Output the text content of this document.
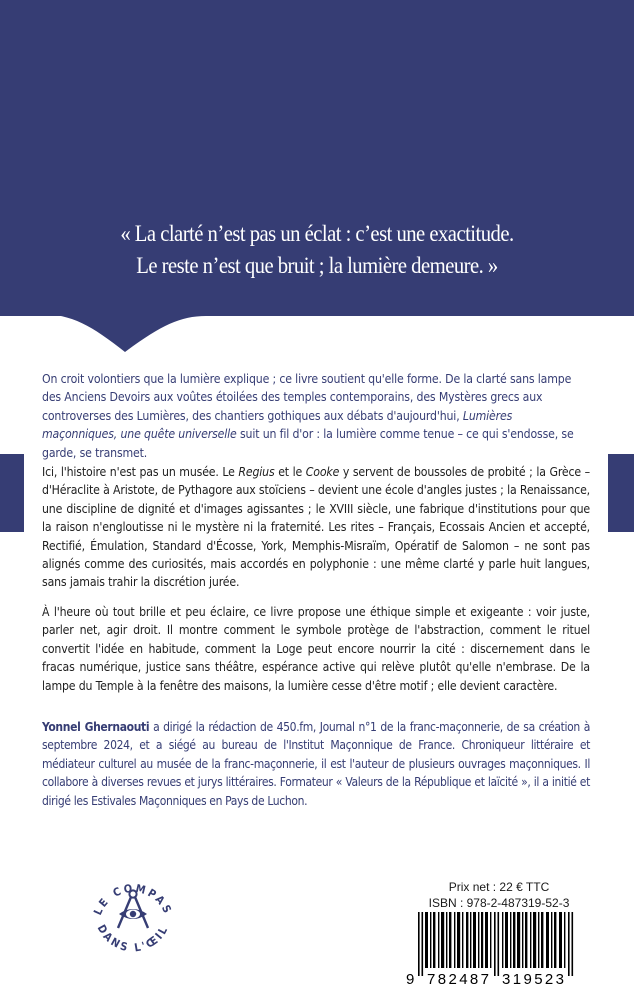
« La clarté n’est pas un éclat : c’est une exactitude.
Le reste n’est que bruit ; la lumière demeure. »
On croit volontiers que la lumière explique ; ce livre soutient qu'elle forme. De la clarté sans lampe des Anciens Devoirs aux voûtes étoilées des temples contemporains, des Mystères grecs aux controverses des Lumières, des chantiers gothiques aux débats d'aujourd'hui, Lumières maçonniques, une quête universelle suit un fil d'or : la lumière comme tenue – ce qui s'endosse, se garde, se transmet.
Ici, l'histoire n'est pas un musée. Le Regius et le Cooke y servent de boussoles de probité ; la Grèce – d'Héraclite à Aristote, de Pythagore aux stoïciens – devient une école d'angles justes ; la Renaissance, une discipline de dignité et d'images agissantes ; le XVIII siècle, une fabrique d'institutions pour que la raison n'engloutisse ni le mystère ni la fraternité. Les rites – Français, Ecossais Ancien et accepté, Rectifié, Émulation, Standard d'Écosse, York, Memphis-Misraïm, Opératif de Salomon – ne sont pas alignés comme des curiosités, mais accordés en polyphonie : une même clarté y parle huit langues, sans jamais trahir la discrétion jurée.
À l'heure où tout brille et peu éclaire, ce livre propose une éthique simple et exigeante : voir juste, parler net, agir droit. Il montre comment le symbole protège de l'abstraction, comment le rituel convertit l'idée en habitude, comment la Loge peut encore nourrir la cité : discernement dans le fracas numérique, justice sans théâtre, espérance active qui relève plutôt qu'elle n'embrase. De la lampe du Temple à la fenêtre des maisons, la lumière cesse d'être motif ; elle devient caractère.
Yonnel Ghernaouti a dirigé la rédaction de 450.fm, Journal n°1 de la franc-maçonnerie, de sa création à septembre 2024, et a siégé au bureau de l'Institut Maçonnique de France. Chroniqueur littéraire et médiateur culturel au musée de la franc-maçonnerie, il est l'auteur de plusieurs ouvrages maçonniques. Il collabore à diverses revues et jurys littéraires. Formateur « Valeurs de la République et laïcité », il a initié et dirigé les Estivales Maçonniques en Pays de Luchon.
LE COMPAS
DANS L'ŒIL
Prix net : 22 € TTC
ISBN : 978-2-487319-52-3
9 782487 319523
